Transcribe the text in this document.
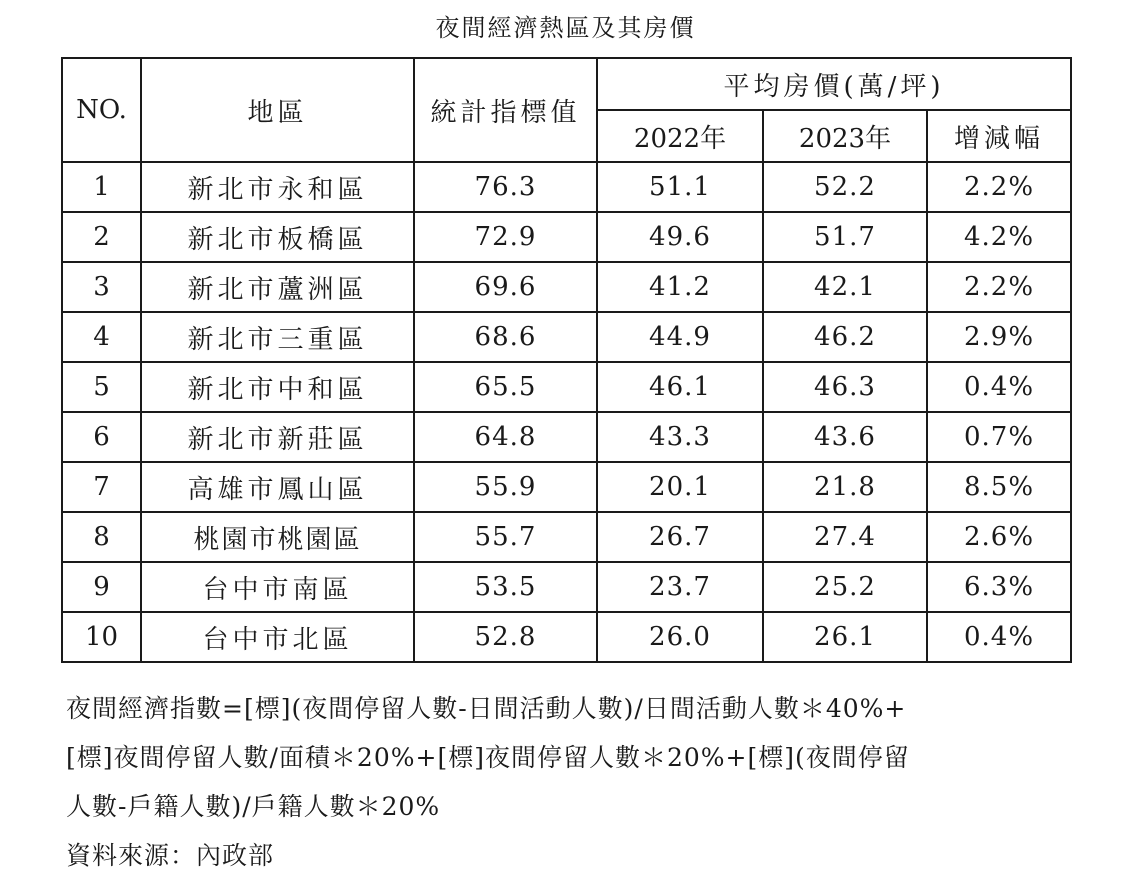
夜間經濟熱區及其房價
NO.	地區	統計指標值	平均房價(萬/坪)		
			2022年	2023年	增減幅
1	新北市永和區	76.3	51.1	52.2	2.2%
2	新北市板橋區	72.9	49.6	51.7	4.2%
3	新北市蘆洲區	69.6	41.2	42.1	2.2%
4	新北市三重區	68.6	44.9	46.2	2.9%
5	新北市中和區	65.5	46.1	46.3	0.4%
6	新北市新莊區	64.8	43.3	43.6	0.7%
7	高雄市鳳山區	55.9	20.1	21.8	8.5%
8	桃園市桃園區	55.7	26.7	27.4	2.6%
9	台中市南區	53.5	23.7	25.2	6.3%
10	台中市北區	52.8	26.0	26.1	0.4%

夜間經濟指數=[標](夜間停留人數-日間活動人數)/日間活動人數＊40%+

[標]夜間停留人數/面積＊20%+[標]夜間停留人數＊20%+[標](夜間停留

人數-戶籍人數)/戶籍人數＊20%

資料來源：內政部
